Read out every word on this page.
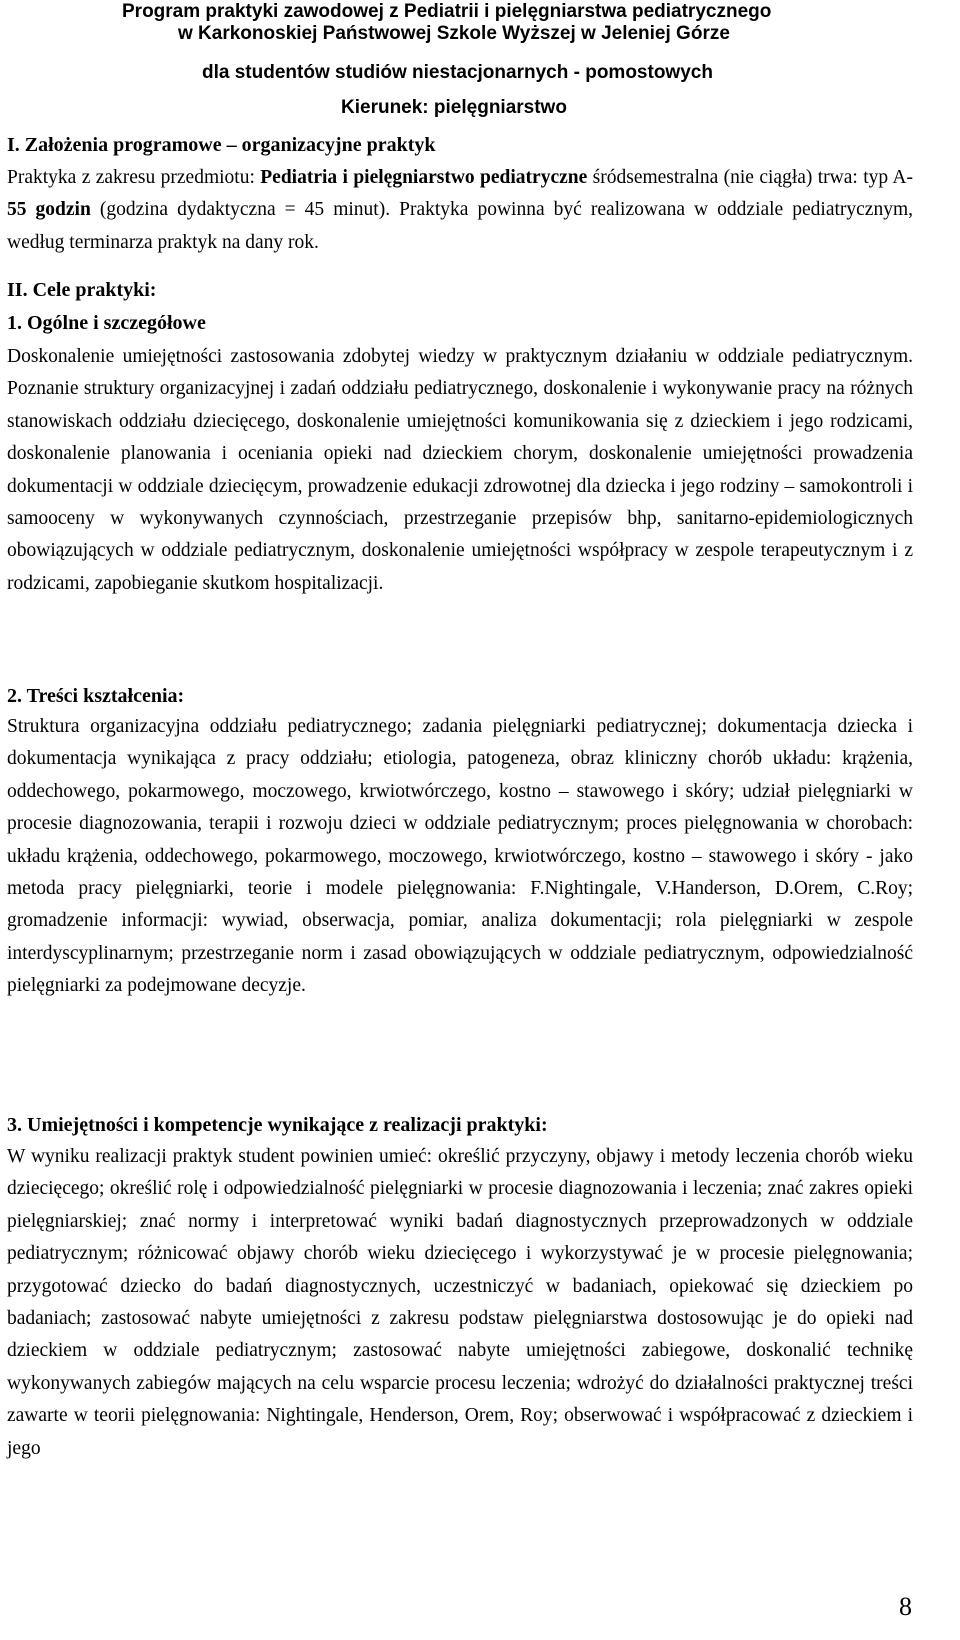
Program praktyki zawodowej z Pediatrii i pielęgniarstwa pediatrycznego
w Karkonoskiej Państwowej Szkole Wyższej w Jeleniej Górze
dla studentów studiów niestacjonarnych - pomostowych
Kierunek: pielęgniarstwo
I. Założenia programowe – organizacyjne praktyk
Praktyka z zakresu przedmiotu: Pediatria i pielęgniarstwo pediatryczne śródsemestralna (nie ciągła) trwa: typ A-55 godzin (godzina dydaktyczna = 45 minut). Praktyka powinna być realizowana w oddziale pediatrycznym, według terminarza praktyk na dany rok.
II. Cele praktyki:
1. Ogólne i szczegółowe
Doskonalenie umiejętności zastosowania zdobytej wiedzy w praktycznym działaniu w oddziale pediatrycznym. Poznanie struktury organizacyjnej i zadań oddziału pediatrycznego, doskonalenie i wykonywanie pracy na różnych stanowiskach oddziału dziecięcego, doskonalenie umiejętności komunikowania się z dzieckiem i jego rodzicami, doskonalenie planowania i oceniania opieki nad dzieckiem chorym, doskonalenie umiejętności prowadzenia dokumentacji w oddziale dziecięcym, prowadzenie edukacji zdrowotnej dla dziecka i jego rodziny – samokontroli i samooceny w wykonywanych czynnościach, przestrzeganie przepisów bhp, sanitarno-epidemiologicznych obowiązujących w oddziale pediatrycznym, doskonalenie umiejętności współpracy w zespole terapeutycznym i z rodzicami, zapobieganie skutkom hospitalizacji.
2. Treści kształcenia:
Struktura organizacyjna oddziału pediatrycznego; zadania pielęgniarki pediatrycznej; dokumentacja dziecka i dokumentacja wynikająca z pracy oddziału; etiologia, patogeneza, obraz kliniczny chorób układu: krążenia, oddechowego, pokarmowego, moczowego, krwiotwórczego, kostno – stawowego i skóry; udział pielęgniarki w procesie diagnozowania, terapii i rozwoju dzieci w oddziale pediatrycznym; proces pielęgnowania w chorobach: układu krążenia, oddechowego, pokarmowego, moczowego, krwiotwórczego, kostno – stawowego i skóry - jako metoda pracy pielęgniarki, teorie i modele pielęgnowania: F.Nightingale, V.Handerson, D.Orem, C.Roy; gromadzenie informacji: wywiad, obserwacja, pomiar, analiza dokumentacji; rola pielęgniarki w zespole interdyscyplinarnym; przestrzeganie norm i zasad obowiązujących w oddziale pediatrycznym, odpowiedzialność pielęgniarki za podejmowane decyzje.
3. Umiejętności i kompetencje wynikające z realizacji praktyki:
W wyniku realizacji praktyk student powinien umieć: określić przyczyny, objawy i metody leczenia chorób wieku dziecięcego; określić rolę i odpowiedzialność pielęgniarki w procesie diagnozowania i leczenia; znać zakres opieki pielęgniarskiej; znać normy i interpretować wyniki badań diagnostycznych przeprowadzonych w oddziale pediatrycznym; różnicować objawy chorób wieku dziecięcego i wykorzystywać je w procesie pielęgnowania; przygotować dziecko do badań diagnostycznych, uczestniczyć w badaniach, opiekować się dzieckiem po badaniach; zastosować nabyte umiejętności z zakresu podstaw pielęgniarstwa dostosowując je do opieki nad dzieckiem w oddziale pediatrycznym; zastosować nabyte umiejętności zabiegowe, doskonalić technikę wykonywanych zabiegów mających na celu wsparcie procesu leczenia; wdrożyć do działalności praktycznej treści zawarte w teorii pielęgnowania: Nightingale, Henderson, Orem, Roy; obserwować i współpracować z dzieckiem i jego
8
